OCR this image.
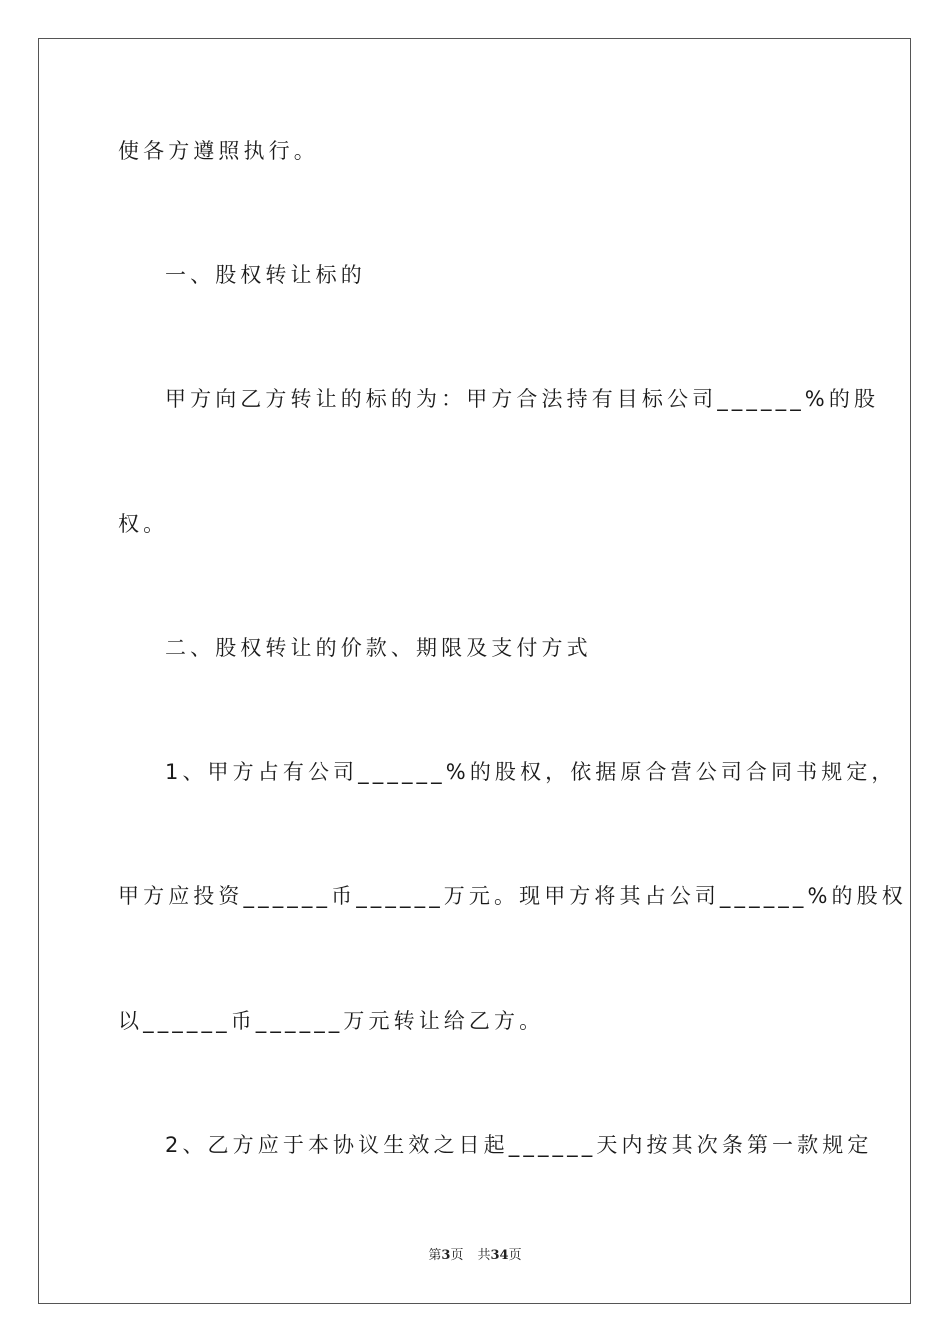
使各方遵照执行。
一、股权转让标的
甲方向乙方转让的标的为：甲方合法持有目标公司______%的股
权。
二、股权转让的价款、期限及支付方式
1、甲方占有公司______%的股权，依据原合营公司合同书规定，
甲方应投资______币______万元。现甲方将其占公司______%的股权
以______币______万元转让给乙方。
2、乙方应于本协议生效之日起______天内按其次条第一款规定
第3页 共34页
